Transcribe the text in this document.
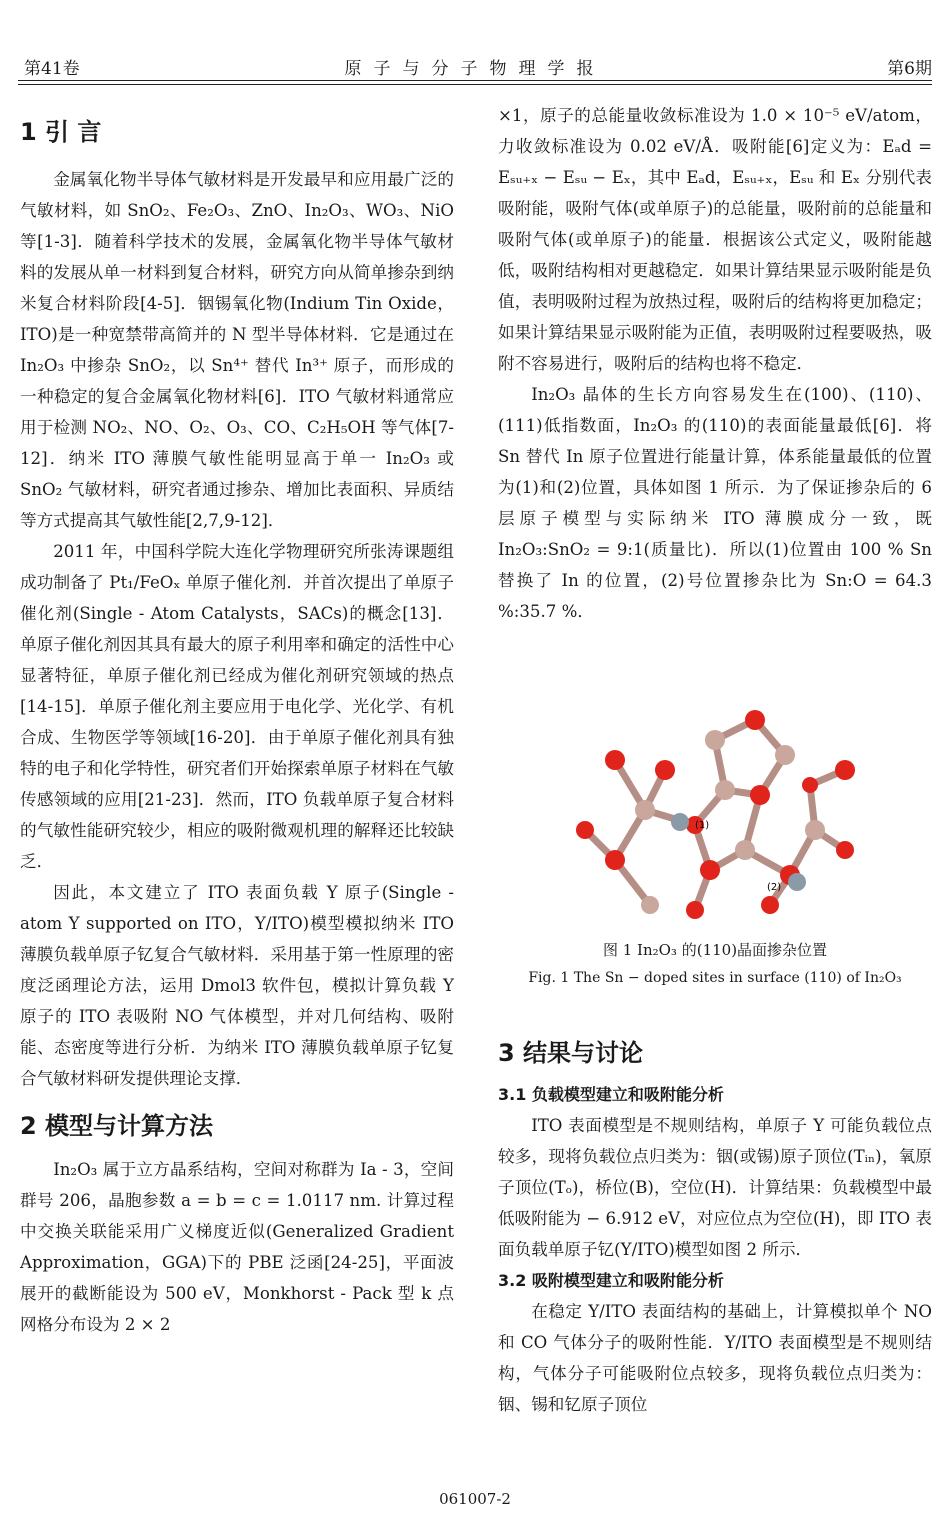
第41卷	原子与分子物理学报	第6期
1 引 言

金属氧化物半导体气敏材料是开发最早和应用最广泛的气敏材料，如 SnO₂、Fe₂O₃、ZnO、In₂O₃、WO₃、NiO 等[1-3]．随着科学技术的发展，金属氧化物半导体气敏材料的发展从单一材料到复合材料，研究方向从简单掺杂到纳米复合材料阶段[4-5]．铟锡氧化物(Indium Tin Oxide，ITO)是一种宽禁带高简并的 N 型半导体材料．它是通过在 In₂O₃ 中掺杂 SnO₂，以 Sn⁴⁺ 替代 In³⁺ 原子，而形成的一种稳定的复合金属氧化物材料[6]．ITO 气敏材料通常应用于检测 NO₂、NO、O₂、O₃、CO、C₂H₅OH 等气体[7-12]．纳米 ITO 薄膜气敏性能明显高于单一 In₂O₃ 或 SnO₂ 气敏材料，研究者通过掺杂、增加比表面积、异质结等方式提高其气敏性能[2,7,9-12]．

2011 年，中国科学院大连化学物理研究所张涛课题组成功制备了 Pt₁/FeOₓ 单原子催化剂．并首次提出了单原子催化剂(Single - Atom Catalysts，SACs)的概念[13]．单原子催化剂因其具有最大的原子利用率和确定的活性中心显著特征，单原子催化剂已经成为催化剂研究领域的热点[14-15]．单原子催化剂主要应用于电化学、光化学、有机合成、生物医学等领域[16-20]．由于单原子催化剂具有独特的电子和化学特性，研究者们开始探索单原子材料在气敏传感领域的应用[21-23]．然而，ITO 负载单原子复合材料的气敏性能研究较少，相应的吸附微观机理的解释还比较缺乏．

因此，本文建立了 ITO 表面负载 Y 原子(Single - atom Y supported on ITO，Y/ITO)模型模拟纳米 ITO 薄膜负载单原子钇复合气敏材料．采用基于第一性原理的密度泛函理论方法，运用 Dmol3 软件包，模拟计算负载 Y 原子的 ITO 表吸附 NO 气体模型，并对几何结构、吸附能、态密度等进行分析．为纳米 ITO 薄膜负载单原子钇复合气敏材料研发提供理论支撑．

2 模型与计算方法

In₂O₃ 属于立方晶系结构，空间对称群为 Ia - 3，空间群号 206，晶胞参数 a = b = c = 1.0117 nm. 计算过程中交换关联能采用广义梯度近似(Generalized Gradient Approximation，GGA)下的 PBE 泛函[24-25]，平面波展开的截断能设为 500 eV，Monkhorst - Pack 型 k 点网格分布设为 2 × 2

×1，原子的总能量收敛标准设为 1.0 × 10⁻⁵ eV/atom，力收敛标准设为 0.02 eV/Å．吸附能[6]定义为：Eₐd = Eₛᵤ₊ₓ − Eₛᵤ − Eₓ，其中 Eₐd，Eₛᵤ₊ₓ，Eₛᵤ 和 Eₓ 分别代表吸附能，吸附气体(或单原子)的总能量，吸附前的总能量和吸附气体(或单原子)的能量．根据该公式定义，吸附能越低，吸附结构相对更越稳定．如果计算结果显示吸附能是负值，表明吸附过程为放热过程，吸附后的结构将更加稳定；如果计算结果显示吸附能为正值，表明吸附过程要吸热，吸附不容易进行，吸附后的结构也将不稳定．

In₂O₃ 晶体的生长方向容易发生在(100)、(110)、(111)低指数面，In₂O₃ 的(110)的表面能量最低[6]．将 Sn 替代 In 原子位置进行能量计算，体系能量最低的位置为(1)和(2)位置，具体如图 1 所示．为了保证掺杂后的 6 层原子模型与实际纳米 ITO 薄膜成分一致，既 In₂O₃:SnO₂ = 9:1(质量比)．所以(1)位置由 100 % Sn 替换了 In 的位置，(2)号位置掺杂比为 Sn:O = 64.3 %:35.7 %．

(1)
(2)
图 1 In₂O₃ 的(110)晶面掺杂位置
Fig. 1 The Sn − doped sites in surface (110) of In₂O₃
3 结果与讨论
3.1 负载模型建立和吸附能分析

ITO 表面模型是不规则结构，单原子 Y 可能负载位点较多，现将负载位点归类为：铟(或锡)原子顶位(Tᵢₙ)，氧原子顶位(Tₒ)，桥位(B)，空位(H)．计算结果：负载模型中最低吸附能为 − 6.912 eV，对应位点为空位(H)，即 ITO 表面负载单原子钇(Y/ITO)模型如图 2 所示．

3.2 吸附模型建立和吸附能分析

在稳定 Y/ITO 表面结构的基础上，计算模拟单个 NO 和 CO 气体分子的吸附性能．Y/ITO 表面模型是不规则结构，气体分子可能吸附位点较多，现将负载位点归类为：铟、锡和钇原子顶位

061007-2
